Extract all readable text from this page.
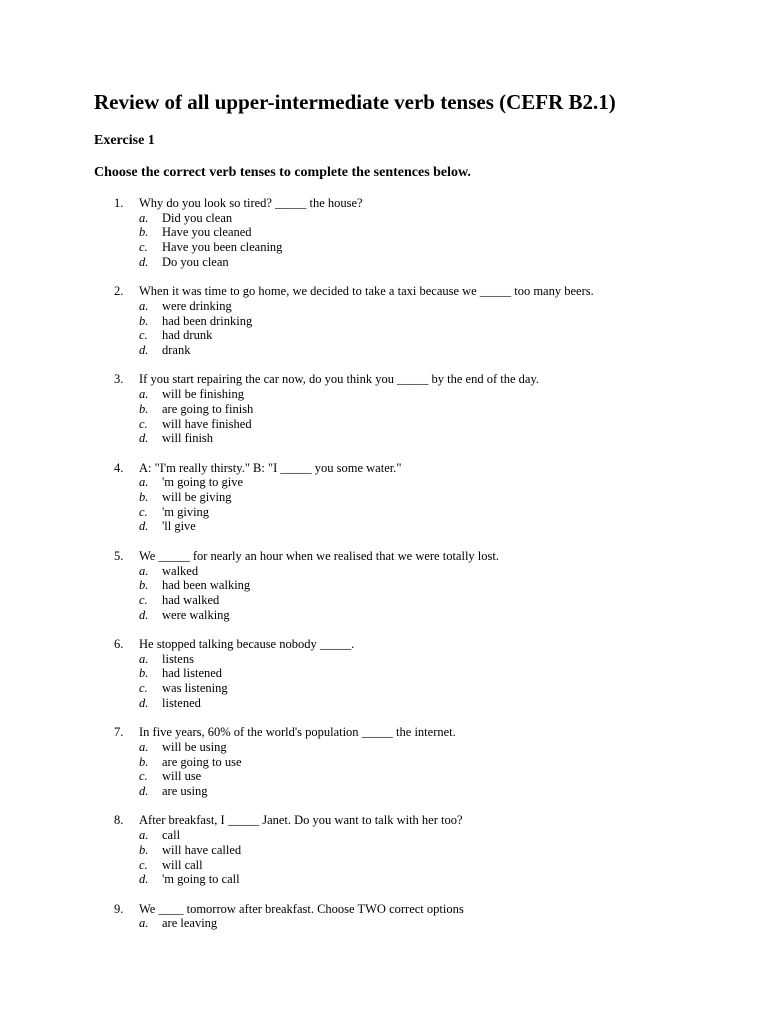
Review of all upper-intermediate verb tenses (CEFR B2.1)
Exercise 1
Choose the correct verb tenses to complete the sentences below.
1.	Why do you look so tired? _____ the house?
a. Did you clean
b. Have you cleaned
c. Have you been cleaning
d. Do you clean
2.	When it was time to go home, we decided to take a taxi because we _____ too many beers.
a. were drinking
b. had been drinking
c. had drunk
d. drank
3.	If you start repairing the car now, do you think you _____ by the end of the day.
a. will be finishing
b. are going to finish
c. will have finished
d. will finish
4.	A: "I'm really thirsty." B: "I _____ you some water."
a. 'm going to give
b. will be giving
c. 'm giving
d. 'll give
5.	We _____ for nearly an hour when we realised that we were totally lost.
a. walked
b. had been walking
c. had walked
d. were walking
6.	He stopped talking because nobody _____.
a. listens
b. had listened
c. was listening
d. listened
7.	In five years, 60% of the world's population _____ the internet.
a. will be using
b. are going to use
c. will use
d. are using
8.	After breakfast, I _____ Janet. Do you want to talk with her too?
a. call
b. will have called
c. will call
d. 'm going to call
9.	We ____ tomorrow after breakfast. Choose TWO correct options
a. are leaving
